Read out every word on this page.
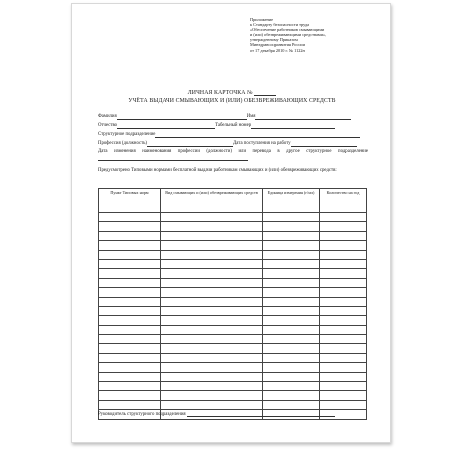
Приложение
к Стандарту безопасности труда
«Обеспечение работников смывающими
и (или) обезвреживающими средствами»,
утвержденному Приказом
Минздравсоцразвития России
от 17 декабря 2010 г. № 1122н
ЛИЧНАЯ КАРТОЧКА №
УЧЁТА ВЫДАЧИ СМЫВАЮЩИХ И (ИЛИ) ОБЕЗВРЕЖИВАЮЩИХ СРЕДСТВ
Фамилия	Имя
Отчество	Табельный номер
Структурное подразделение
Профессия (должность)	Дата поступления на работу
Дата изменения наименования профессии (должности) или перевода в другое структурное подразделение
Предусмотрено Типовыми нормами бесплатной выдачи работникам смывающих и (или) обезвреживающих средств:
Пункт Типовых норм	Вид смывающих и (или) обезвреживающих средств	Единица измерения (г/мл)	Количество на год

Руководитель структурного подразделения
